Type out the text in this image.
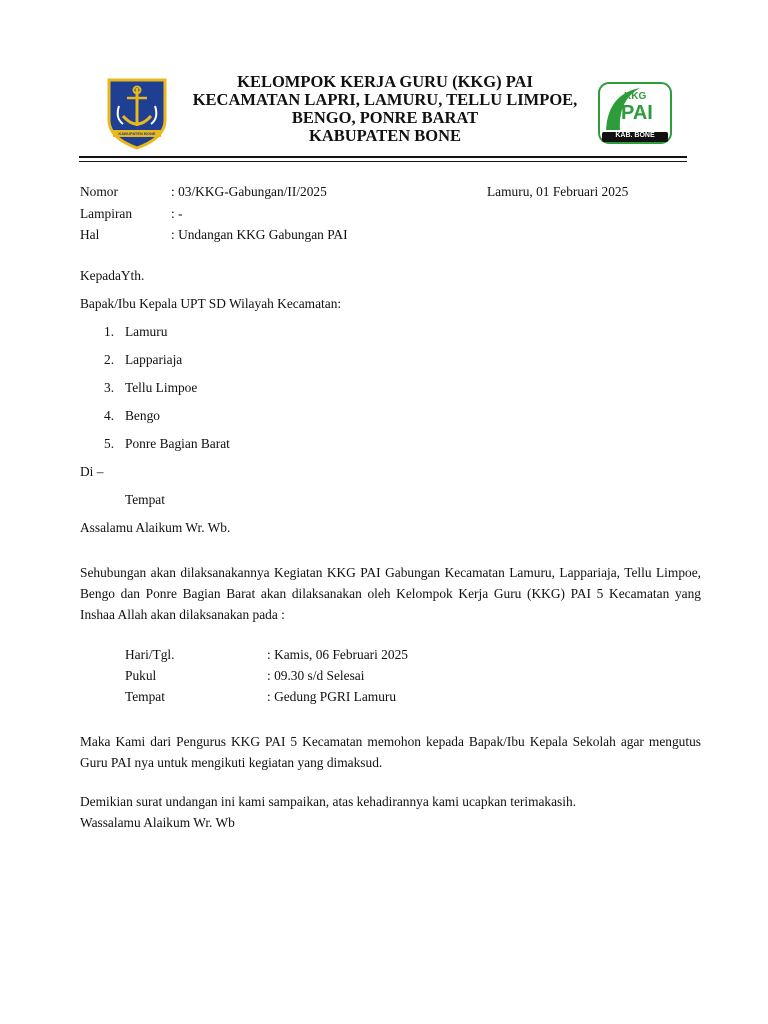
KABUPATEN BONE
KELOMPOK KERJA GURU (KKG) PAI
KECAMATAN LAPRI, LAMURU, TELLU LIMPOE,
BENGO, PONRE BARAT
KABUPATEN BONE
KKG
PAI
KAB. BONE
Nomor	: 03/KKG-Gabungan/II/2025	Lamuru, 01 Februari 2025
Lampiran	: -
Hal	: Undangan KKG Gabungan PAI
KepadaYth.
Bapak/Ibu Kepala UPT SD Wilayah Kecamatan:
1. Lamuru
2. Lappariaja
3. Tellu Limpoe
4. Bengo
5. Ponre Bagian Barat
Di –
Tempat
Assalamu Alaikum Wr. Wb.
Sehubungan akan dilaksanakannya Kegiatan KKG PAI Gabungan Kecamatan Lamuru, Lappariaja, Tellu Limpoe, Bengo dan Ponre Bagian Barat akan dilaksanakan oleh Kelompok Kerja Guru (KKG) PAI 5 Kecamatan yang Inshaa Allah akan dilaksanakan pada :
Hari/Tgl.	: Kamis, 06 Februari 2025
Pukul	: 09.30 s/d Selesai
Tempat	: Gedung PGRI Lamuru
Maka Kami dari Pengurus KKG PAI 5 Kecamatan memohon kepada Bapak/Ibu Kepala Sekolah agar mengutus Guru PAI nya untuk mengikuti kegiatan yang dimaksud.
Demikian surat undangan ini kami sampaikan, atas kehadirannya kami ucapkan terimakasih.
Wassalamu Alaikum Wr. Wb
